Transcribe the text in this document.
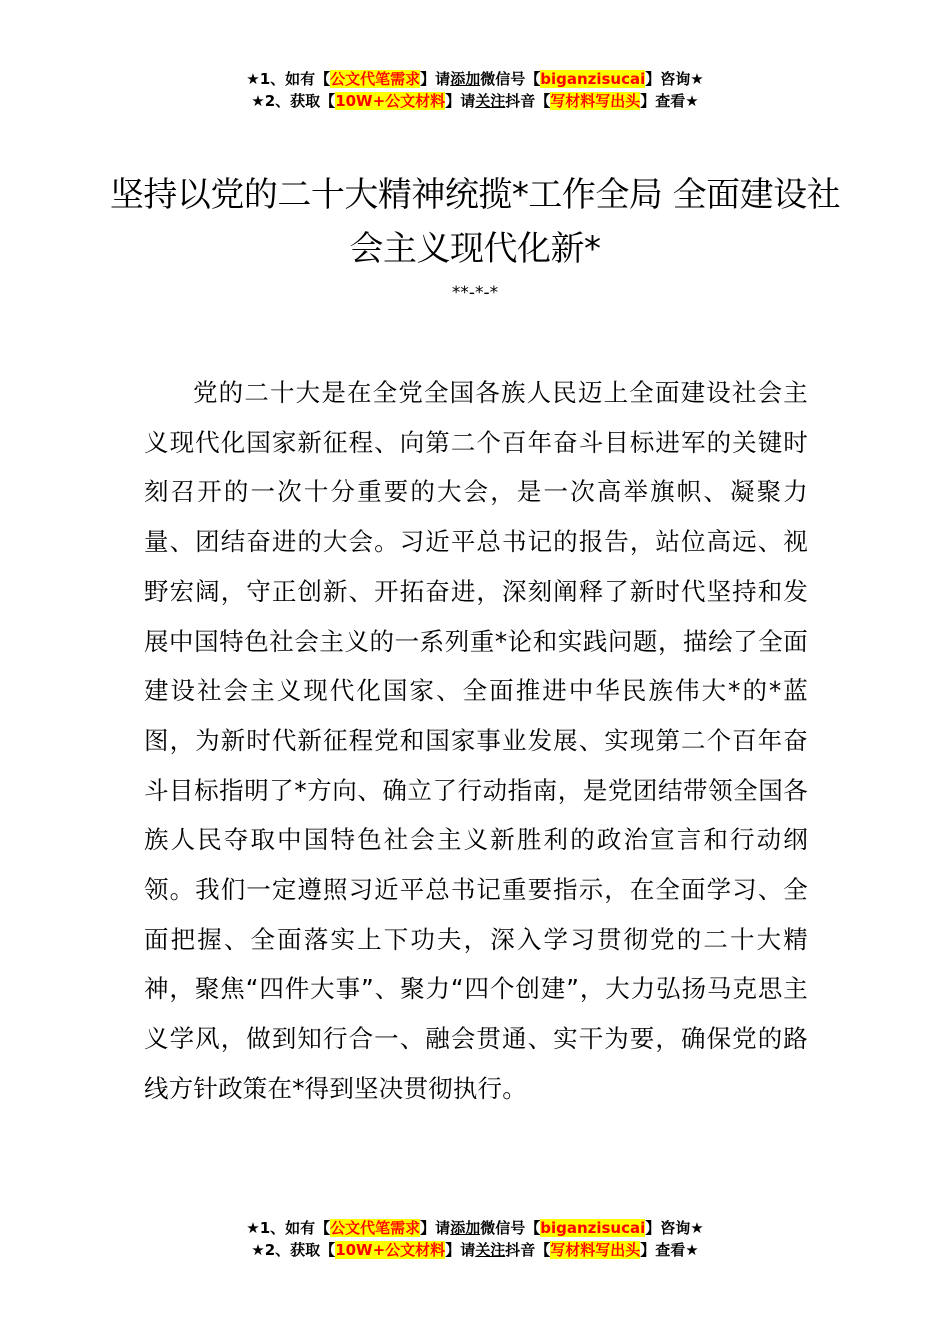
★1、如有【公文代笔需求】请添加微信号【biganzisucai】咨询★
★2、获取【10W+公文材料】请关注抖音【写材料写出头】查看★
坚持以党的二十大精神统揽*工作全局 全面建设社会主义现代化新*
**-*-*

党的二十大是在全党全国各族人民迈上全面建设社会主义现代化国家新征程、向第二个百年奋斗目标进军的关键时刻召开的一次十分重要的大会，是一次高举旗帜、凝聚力量、团结奋进的大会。习近平总书记的报告，站位高远、视野宏阔，守正创新、开拓奋进，深刻阐释了新时代坚持和发展中国特色社会主义的一系列重*论和实践问题，描绘了全面建设社会主义现代化国家、全面推进中华民族伟大*的*蓝图，为新时代新征程党和国家事业发展、实现第二个百年奋斗目标指明了*方向、确立了行动指南，是党团结带领全国各族人民夺取中国特色社会主义新胜利的政治宣言和行动纲领。我们一定遵照习近平总书记重要指示，在全面学习、全面把握、全面落实上下功夫，深入学习贯彻党的二十大精神，聚焦“四件大事”、聚力“四个创建”，大力弘扬马克思主义学风，做到知行合一、融会贯通、实干为要，确保党的路线方针政策在*得到坚决贯彻执行。

★1、如有【公文代笔需求】请添加微信号【biganzisucai】咨询★
★2、获取【10W+公文材料】请关注抖音【写材料写出头】查看★
